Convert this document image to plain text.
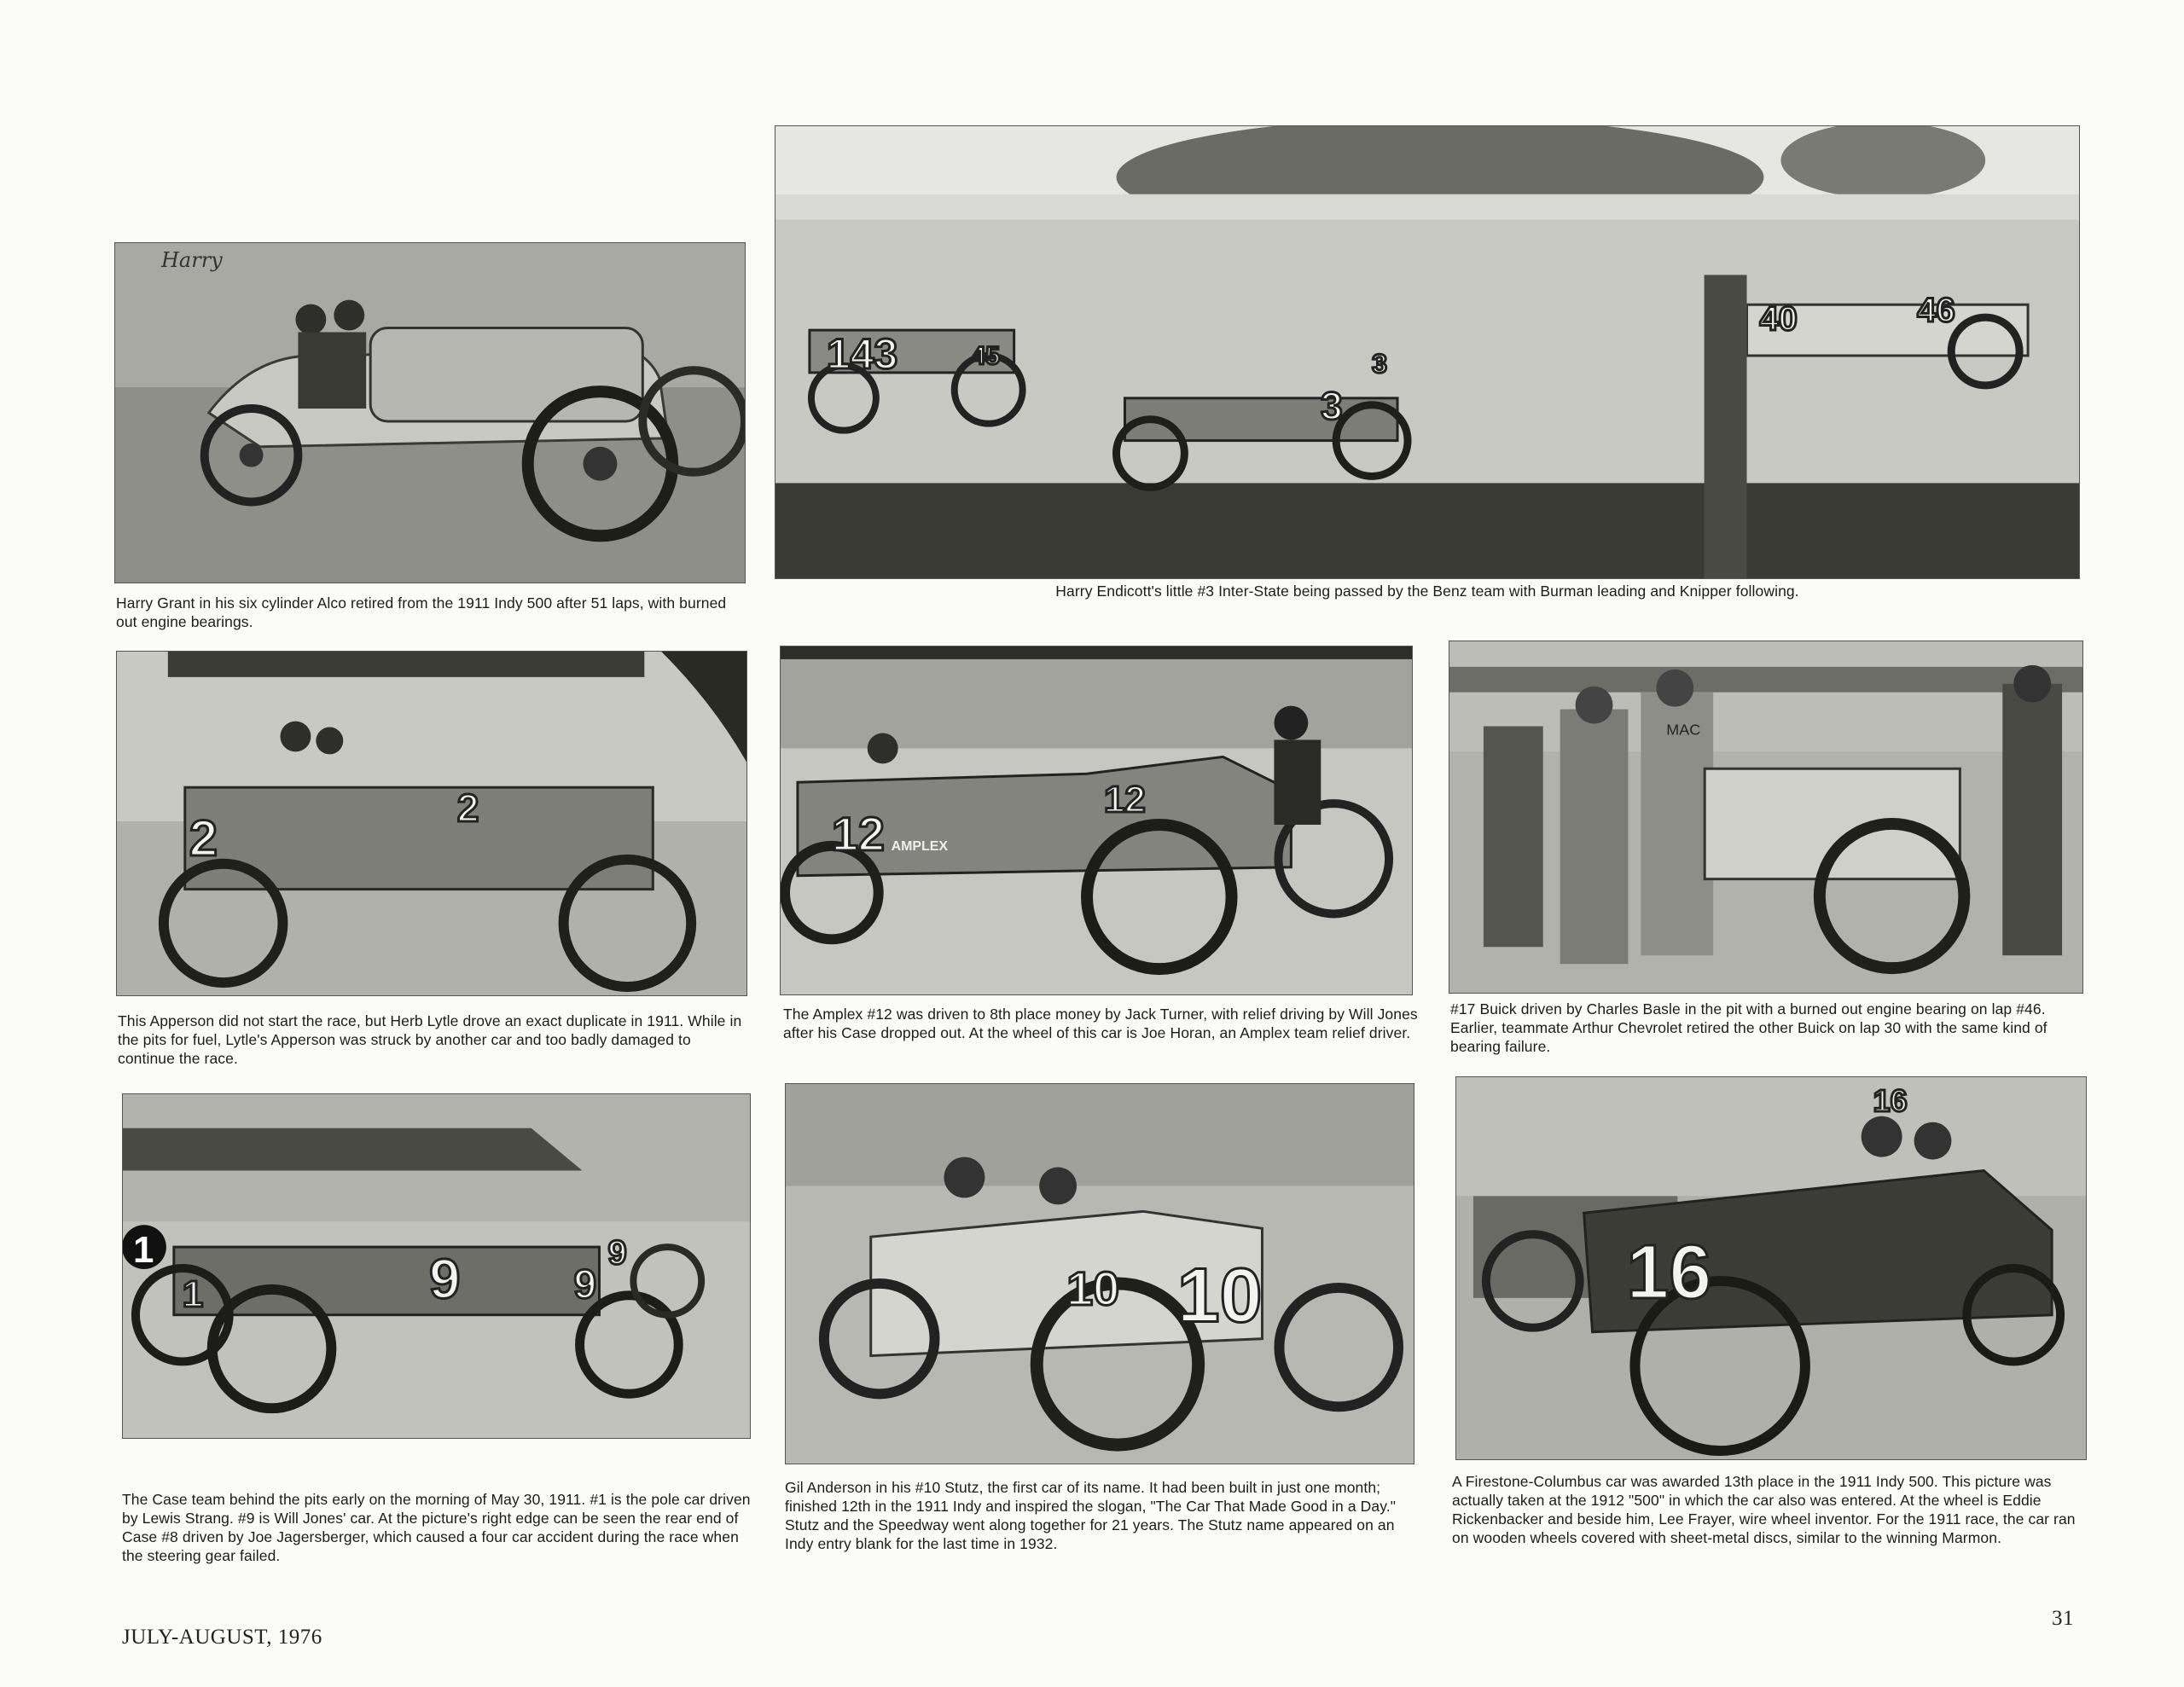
Harry
Harry Grant in his six cylinder Alco retired from the 1911 Indy 500 after 51 laps, with burned out engine bearings.
143	45
3
3
40	46
Harry Endicott's little #3 Inter-State being passed by the Benz team with Burman leading and Knipper following.
2
2
This Apperson did not start the race, but Herb Lytle drove an exact duplicate in 1911. While in the pits for fuel, Lytle's Apperson was struck by another car and too badly damaged to continue the race.
12
12
AMPLEX
The Amplex #12 was driven to 8th place money by Jack Turner, with relief driving by Will Jones after his Case dropped out. At the wheel of this car is Joe Horan, an Amplex team relief driver.
MAC
#17 Buick driven by Charles Basle in the pit with a burned out engine bearing on lap #46. Earlier, teammate Arthur Chevrolet retired the other Buick on lap 30 with the same kind of bearing failure.
1
1	9	9
9
The Case team behind the pits early on the morning of May 30, 1911. #1 is the pole car driven by Lewis Strang. #9 is Will Jones' car. At the picture's right edge can be seen the rear end of Case #8 driven by Joe Jagersberger, which caused a four car accident during the race when the steering gear failed.
10 10
Gil Anderson in his #10 Stutz, the first car of its name. It had been built in just one month; finished 12th in the 1911 Indy and inspired the slogan, "The Car That Made Good in a Day." Stutz and the Speedway went along together for 21 years. The Stutz name appeared on an Indy entry blank for the last time in 1932.
16
16
A Firestone-Columbus car was awarded 13th place in the 1911 Indy 500. This picture was actually taken at the 1912 "500" in which the car also was entered. At the wheel is Eddie Rickenbacker and beside him, Lee Frayer, wire wheel inventor. For the 1911 race, the car ran on wooden wheels covered with sheet-metal discs, similar to the winning Marmon.
JULY-AUGUST, 1976
31
